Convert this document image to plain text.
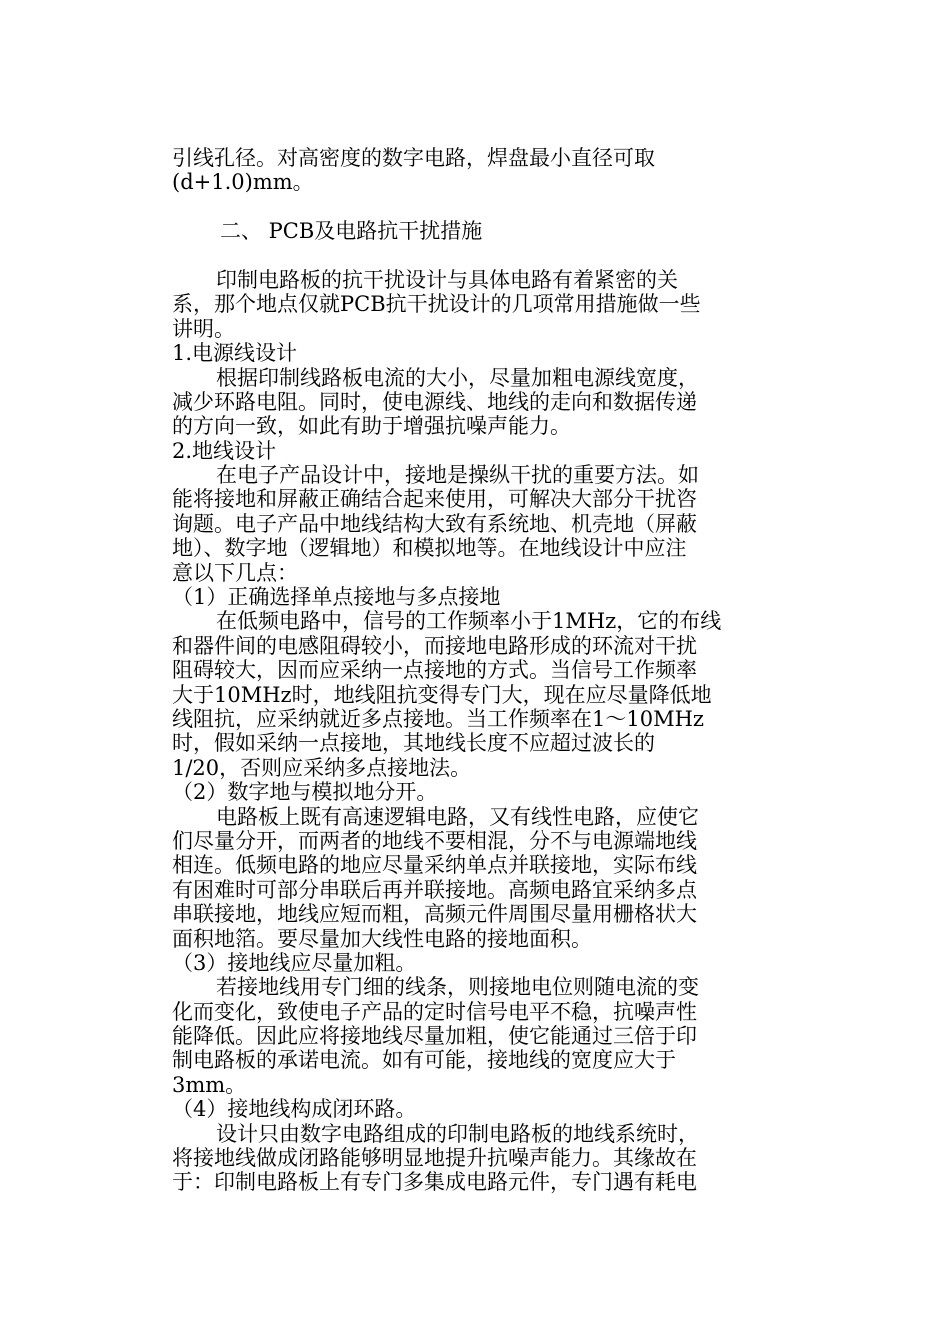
引线孔径。对高密度的数字电路，焊盘最小直径可取
(d+1.0)mm。
二、 PCB及电路抗干扰措施
印制电路板的抗干扰设计与具体电路有着紧密的关
系，那个地点仅就PCB抗干扰设计的几项常用措施做一些
讲明。
1.电源线设计
根据印制线路板电流的大小，尽量加粗电源线宽度，
减少环路电阻。同时，使电源线、地线的走向和数据传递
的方向一致，如此有助于增强抗噪声能力。
2.地线设计
在电子产品设计中，接地是操纵干扰的重要方法。如
能将接地和屏蔽正确结合起来使用，可解决大部分干扰咨
询题。电子产品中地线结构大致有系统地、机壳地（屏蔽
地）、数字地（逻辑地）和模拟地等。在地线设计中应注
意以下几点：
（1）正确选择单点接地与多点接地
在低频电路中，信号的工作频率小于1MHz，它的布线
和器件间的电感阻碍较小，而接地电路形成的环流对干扰
阻碍较大，因而应采纳一点接地的方式。当信号工作频率
大于10MHz时，地线阻抗变得专门大，现在应尽量降低地
线阻抗，应采纳就近多点接地。当工作频率在1～10MHz
时，假如采纳一点接地，其地线长度不应超过波长的
1/20，否则应采纳多点接地法。
（2）数字地与模拟地分开。
电路板上既有高速逻辑电路，又有线性电路，应使它
们尽量分开，而两者的地线不要相混，分不与电源端地线
相连。低频电路的地应尽量采纳单点并联接地，实际布线
有困难时可部分串联后再并联接地。高频电路宜采纳多点
串联接地，地线应短而粗，高频元件周围尽量用栅格状大
面积地箔。要尽量加大线性电路的接地面积。
（3）接地线应尽量加粗。
若接地线用专门细的线条，则接地电位则随电流的变
化而变化，致使电子产品的定时信号电平不稳，抗噪声性
能降低。因此应将接地线尽量加粗，使它能通过三倍于印
制电路板的承诺电流。如有可能，接地线的宽度应大于
3mm。
（4）接地线构成闭环路。
设计只由数字电路组成的印制电路板的地线系统时，
将接地线做成闭路能够明显地提升抗噪声能力。其缘故在
于：印制电路板上有专门多集成电路元件，专门遇有耗电
